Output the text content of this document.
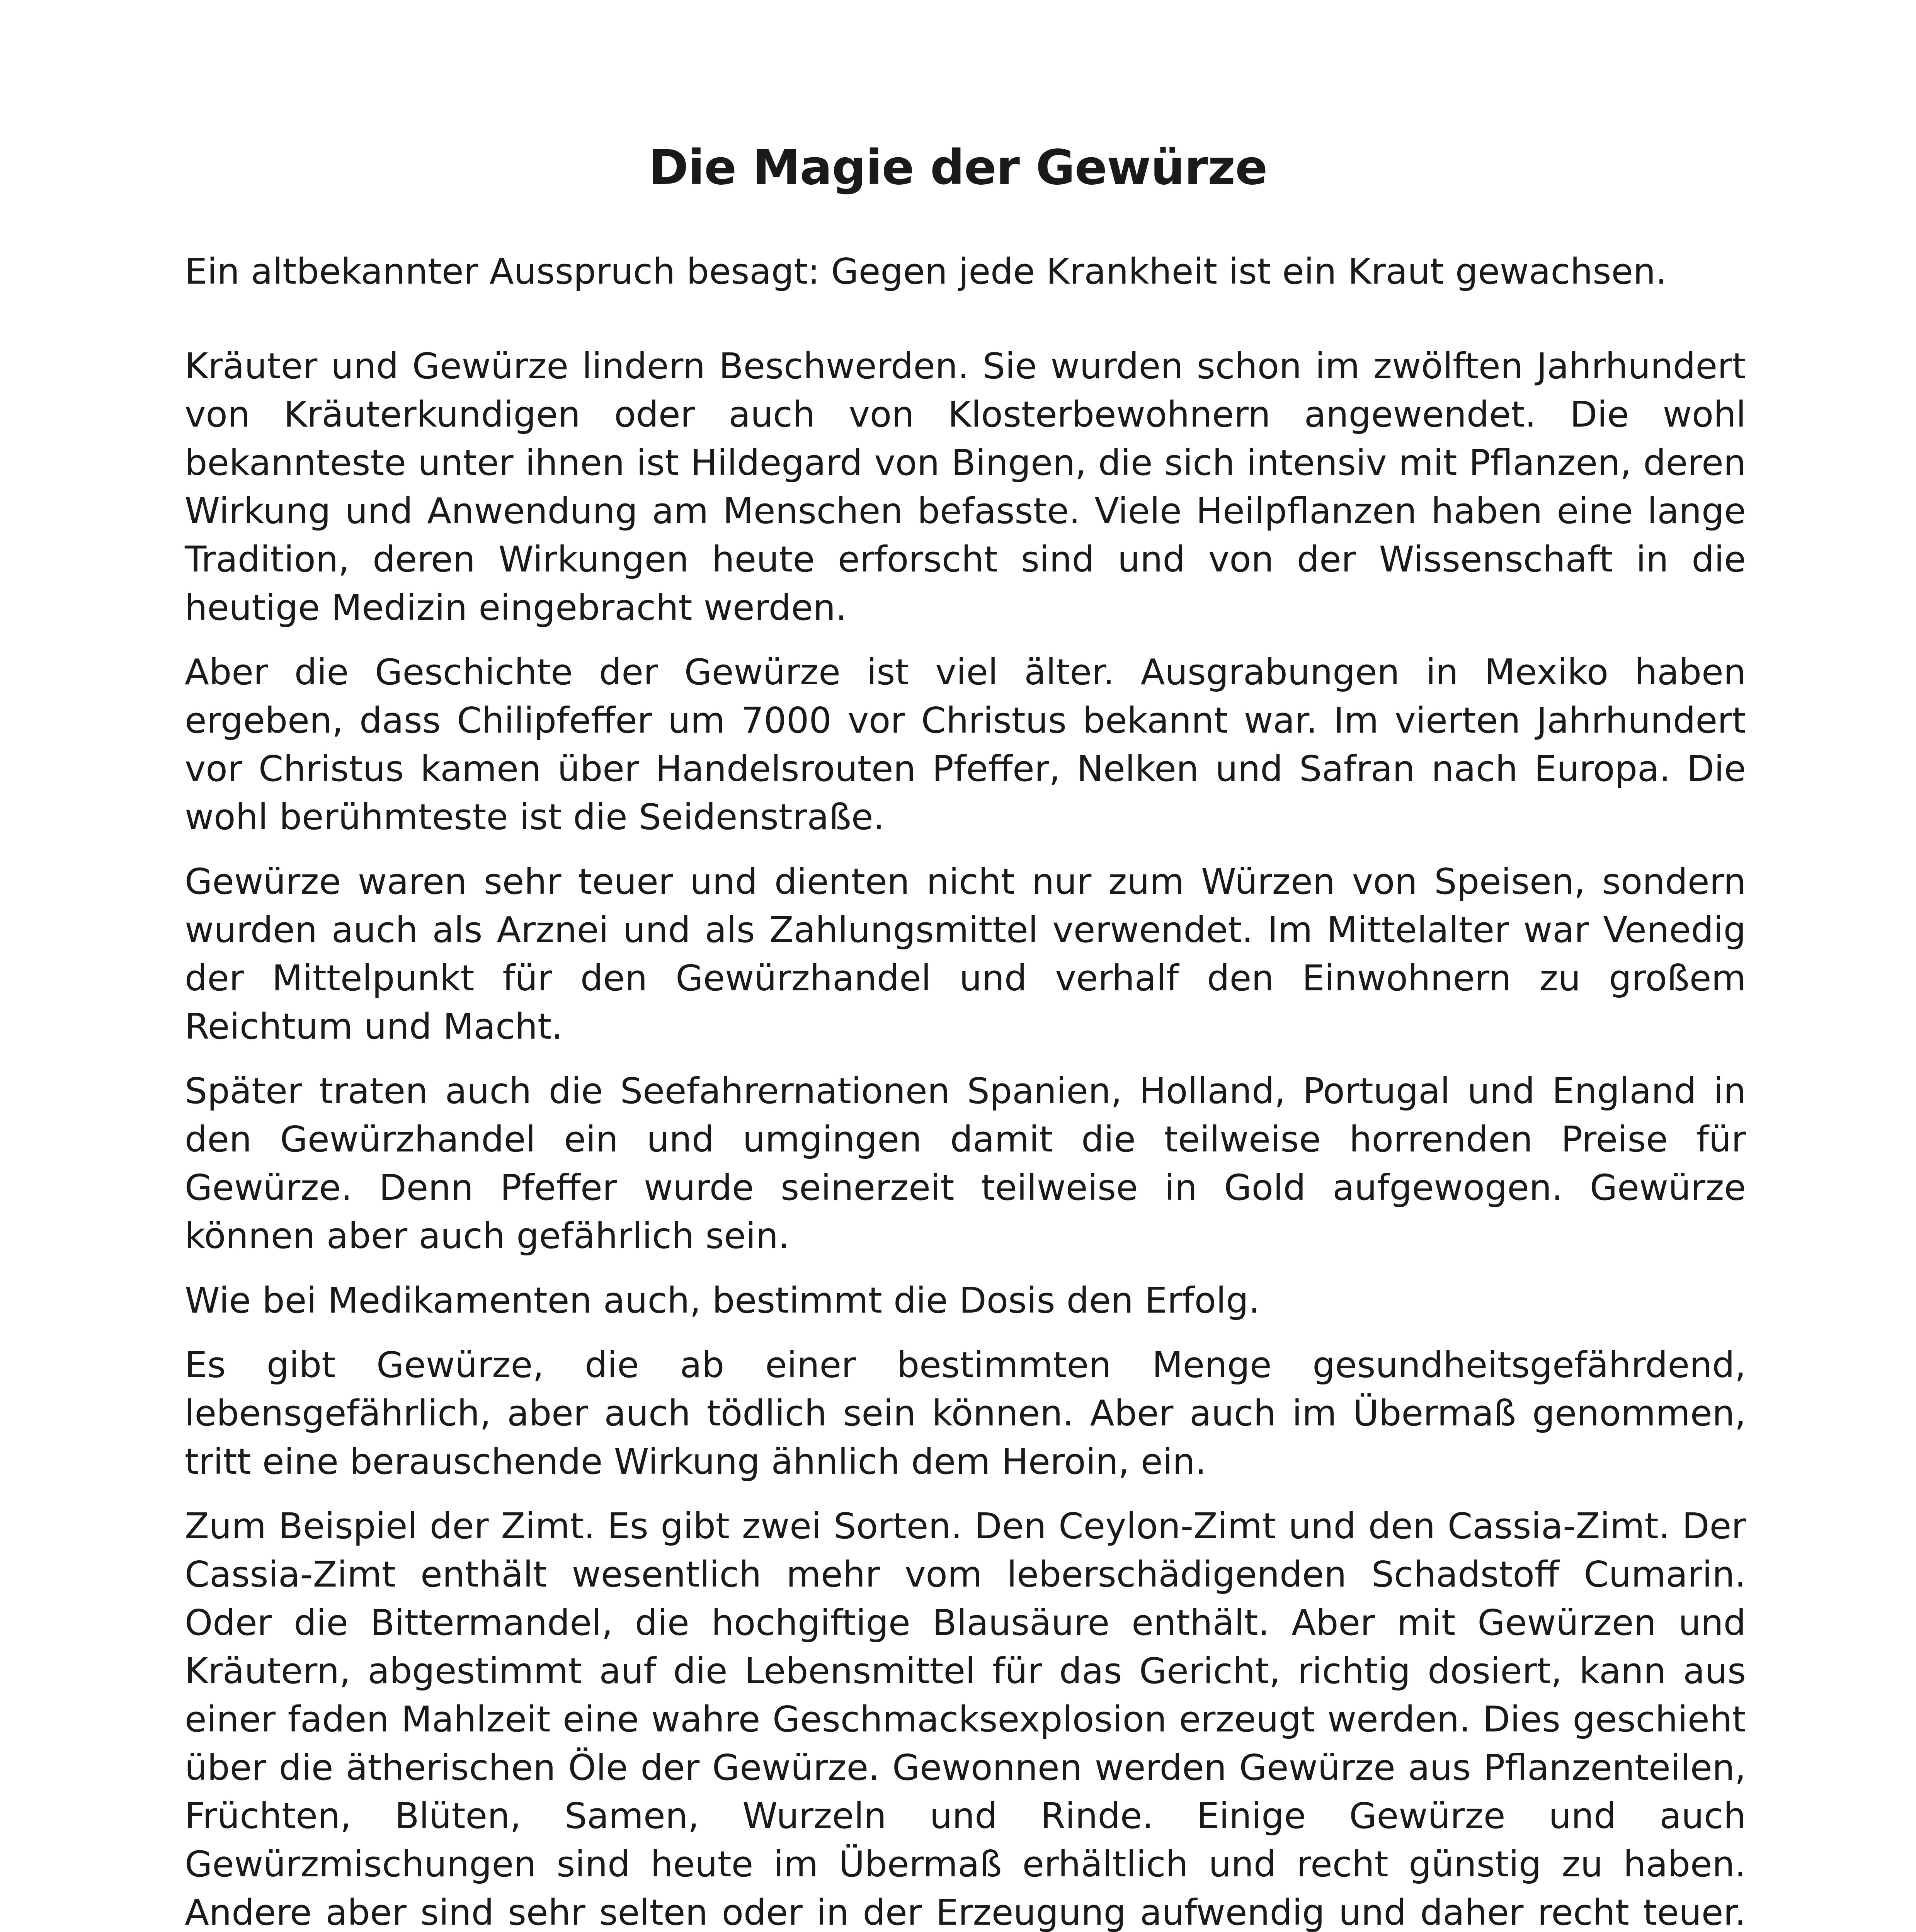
Die Magie der Gewürze

Ein altbekannter Ausspruch besagt: Gegen jede Krankheit ist ein Kraut gewachsen.

Kräuter und Gewürze lindern Beschwerden. Sie wurden schon im zwölften Jahrhundert von Kräuterkundigen oder auch von Klosterbewohnern angewendet. Die wohl bekannteste unter ihnen ist Hildegard von Bingen, die sich intensiv mit Pflanzen, deren Wirkung und Anwendung am Menschen befasste. Viele Heilpflanzen haben eine lange Tradition, deren Wirkungen heute erforscht sind und von der Wissenschaft in die heutige Medizin eingebracht werden.

Aber die Geschichte der Gewürze ist viel älter. Ausgrabungen in Mexiko haben ergeben, dass Chilipfeffer um 7000 vor Christus bekannt war. Im vierten Jahrhundert vor Christus kamen über Handelsrouten Pfeffer, Nelken und Safran nach Europa. Die wohl berühmteste ist die Seidenstraße.

Gewürze waren sehr teuer und dienten nicht nur zum Würzen von Speisen, sondern wurden auch als Arznei und als Zahlungsmittel verwendet. Im Mittelalter war Venedig der Mittelpunkt für den Gewürzhandel und verhalf den Einwohnern zu großem Reichtum und Macht.

Später traten auch die Seefahrernationen Spanien, Holland, Portugal und England in den Gewürzhandel ein und umgingen damit die teilweise horrenden Preise für Gewürze. Denn Pfeffer wurde seinerzeit teilweise in Gold aufgewogen. Gewürze können aber auch gefährlich sein.

Wie bei Medikamenten auch, bestimmt die Dosis den Erfolg.

Es gibt Gewürze, die ab einer bestimmten Menge gesundheitsgefährdend, lebensgefährlich, aber auch tödlich sein können. Aber auch im Übermaß genommen, tritt eine berauschende Wirkung ähnlich dem Heroin, ein.

Zum Beispiel der Zimt. Es gibt zwei Sorten. Den Ceylon-Zimt und den Cassia-Zimt. Der Cassia-Zimt enthält wesentlich mehr vom leberschädigenden Schadstoff Cumarin. Oder die Bittermandel, die hochgiftige Blausäure enthält. Aber mit Gewürzen und Kräutern, abgestimmt auf die Lebensmittel für das Gericht, richtig dosiert, kann aus einer faden Mahlzeit eine wahre Geschmacksexplosion erzeugt werden. Dies geschieht über die ätherischen Öle der Gewürze. Gewonnen werden Gewürze aus Pflanzenteilen, Früchten, Blüten, Samen, Wurzeln und Rinde. Einige Gewürze und auch Gewürzmischungen sind heute im Übermaß erhältlich und recht günstig zu haben. Andere aber sind sehr selten oder in der Erzeugung aufwendig und daher recht teuer.
